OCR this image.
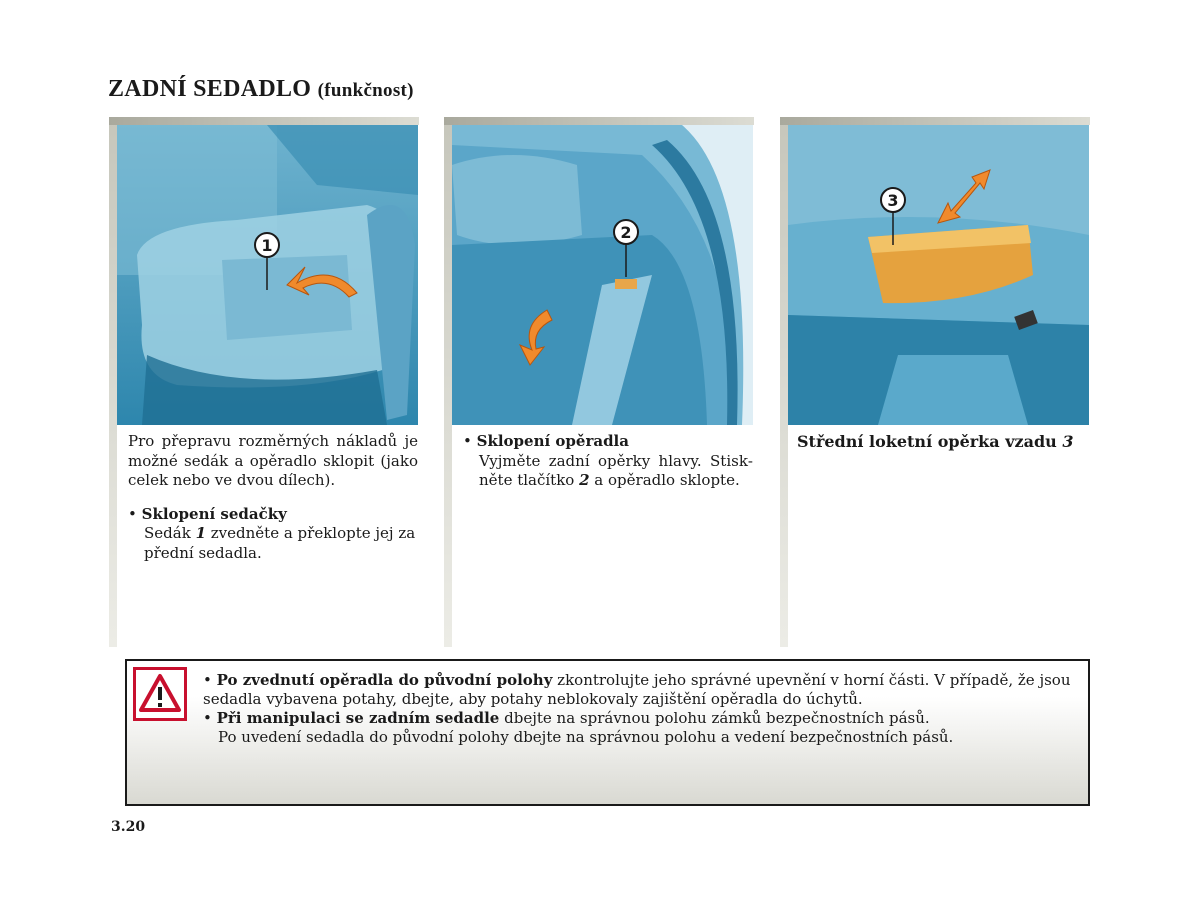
ZADNÍ SEDADLO (funkčnost)
1

Pro přepravu rozměrných nákladů je možné sedák a opěradlo sklopit (jako celek nebo ve dvou dílech).

• Sklopení sedačky

Sedák 1 zvedněte a překlopte jej za přední sedadla.

2

• Sklopení opěradla

Vyjměte zadní opěrky hlavy. Stiskněte tlačítko 2 a opěradlo sklopte.

3

Střední loketní opěrka vzadu 3

• Po zvednutí opěradla do původní polohy zkontrolujte jeho správné upevnění v horní části. V případě, že jsou sedadla vybavena potahy, dbejte, aby potahy neblokovaly zajištění opěradla do úchytů.

• Při manipulaci se zadním sedadle dbejte na správnou polohu zámků bezpečnostních pásů.

Po uvedení sedadla do původní polohy dbejte na správnou polohu a vedení bezpečnostních pásů.

3.20
